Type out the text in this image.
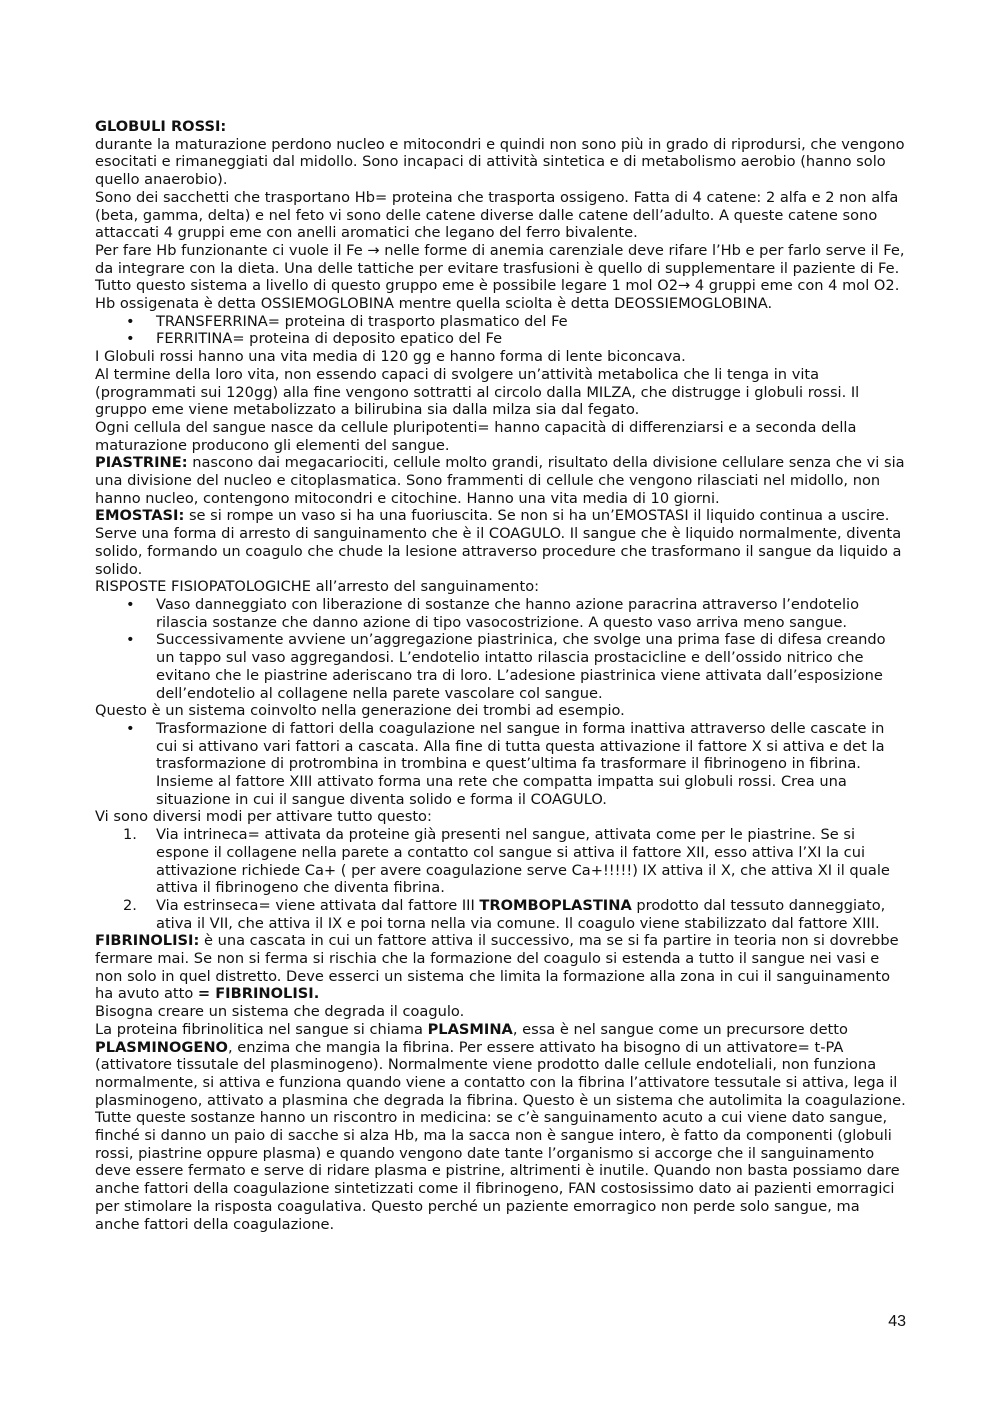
GLOBULI ROSSI:

durante la maturazione perdono nucleo e mitocondri e quindi non sono più in grado di riprodursi, che vengono esocitati e rimaneggiati dal midollo. Sono incapaci di attività sintetica e di metabolismo aerobio (hanno solo quello anaerobio).

Sono dei sacchetti che trasportano Hb= proteina che trasporta ossigeno. Fatta di 4 catene: 2 alfa e 2 non alfa (beta, gamma, delta) e nel feto vi sono delle catene diverse dalle catene dell’adulto. A queste catene sono attaccati 4 gruppi eme con anelli aromatici che legano del ferro bivalente.

Per fare Hb funzionante ci vuole il Fe → nelle forme di anemia carenziale deve rifare l’Hb e per farlo serve il Fe, da integrare con la dieta. Una delle tattiche per evitare trasfusioni è quello di supplementare il paziente di Fe.

Tutto questo sistema a livello di questo gruppo eme è possibile legare 1 mol O2→ 4 gruppi eme con 4 mol O2.

Hb ossigenata è detta OSSIEMOGLOBINA mentre quella sciolta è detta DEOSSIEMOGLOBINA.

• TRANSFERRINA= proteina di trasporto plasmatico del Fe
• FERRITINA= proteina di deposito epatico del Fe

I Globuli rossi hanno una vita media di 120 gg e hanno forma di lente biconcava.

Al termine della loro vita, non essendo capaci di svolgere un’attività metabolica che li tenga in vita (programmati sui 120gg) alla fine vengono sottratti al circolo dalla MILZA, che distrugge i globuli rossi. Il gruppo eme viene metabolizzato a bilirubina sia dalla milza sia dal fegato.

Ogni cellula del sangue nasce da cellule pluripotenti= hanno capacità di differenziarsi e a seconda della maturazione producono gli elementi del sangue.

PIASTRINE: nascono dai megacariociti, cellule molto grandi, risultato della divisione cellulare senza che vi sia una divisione del nucleo e citoplasmatica. Sono frammenti di cellule che vengono rilasciati nel midollo, non hanno nucleo, contengono mitocondri e citochine. Hanno una vita media di 10 giorni.

EMOSTASI: se si rompe un vaso si ha una fuoriuscita. Se non si ha un’EMOSTASI il liquido continua a uscire. Serve una forma di arresto di sanguinamento che è il COAGULO. Il sangue che è liquido normalmente, diventa solido, formando un coagulo che chude la lesione attraverso procedure che trasformano il sangue da liquido a solido.

RISPOSTE FISIOPATOLOGICHE all’arresto del sanguinamento:

• Vaso danneggiato con liberazione di sostanze che hanno azione paracrina attraverso l’endotelio rilascia sostanze che danno azione di tipo vasocostrizione. A questo vaso arriva meno sangue.
• Successivamente avviene un’aggregazione piastrinica, che svolge una prima fase di difesa creando un tappo sul vaso aggregandosi. L’endotelio intatto rilascia prostacicline e dell’ossido nitrico che evitano che le piastrine aderiscano tra di loro. L’adesione piastrinica viene attivata dall’esposizione dell’endotelio al collagene nella parete vascolare col sangue.

Questo è un sistema coinvolto nella generazione dei trombi ad esempio.

• Trasformazione di fattori della coagulazione nel sangue in forma inattiva attraverso delle cascate in cui si attivano vari fattori a cascata. Alla fine di tutta questa attivazione il fattore X si attiva e det la trasformazione di protrombina in trombina e quest’ultima fa trasformare il fibrinogeno in fibrina. Insieme al fattore XIII attivato forma una rete che compatta impatta sui globuli rossi. Crea una situazione in cui il sangue diventa solido e forma il COAGULO.

Vi sono diversi modi per attivare tutto questo:

1. Via intrineca= attivata da proteine già presenti nel sangue, attivata come per le piastrine. Se si espone il collagene nella parete a contatto col sangue si attiva il fattore XII, esso attiva l’XI la cui attivazione richiede Ca+ ( per avere coagulazione serve Ca+!!!!!) IX attiva il X, che attiva XI il quale attiva il fibrinogeno che diventa fibrina.
2. Via estrinseca= viene attivata dal fattore III TROMBOPLASTINA prodotto dal tessuto danneggiato, ativa il VII, che attiva il IX e poi torna nella via comune. Il coagulo viene stabilizzato dal fattore XIII.

FIBRINOLISI: è una cascata in cui un fattore attiva il successivo, ma se si fa partire in teoria non si dovrebbe fermare mai. Se non si ferma si rischia che la formazione del coagulo si estenda a tutto il sangue nei vasi e non solo in quel distretto. Deve esserci un sistema che limita la formazione alla zona in cui il sanguinamento ha avuto atto = FIBRINOLISI.

Bisogna creare un sistema che degrada il coagulo.

La proteina fibrinolitica nel sangue si chiama PLASMINA, essa è nel sangue come un precursore detto PLASMINOGENO, enzima che mangia la fibrina. Per essere attivato ha bisogno di un attivatore= t-PA (attivatore tissutale del plasminogeno). Normalmente viene prodotto dalle cellule endoteliali, non funziona normalmente, si attiva e funziona quando viene a contatto con la fibrina l’attivatore tessutale si attiva, lega il plasminogeno, attivato a plasmina che degrada la fibrina. Questo è un sistema che autolimita la coagulazione.

Tutte queste sostanze hanno un riscontro in medicina: se c’è sanguinamento acuto a cui viene dato sangue, finché si danno un paio di sacche si alza Hb, ma la sacca non è sangue intero, è fatto da componenti (globuli rossi, piastrine oppure plasma) e quando vengono date tante l’organismo si accorge che il sanguinamento deve essere fermato e serve di ridare plasma e pistrine, altrimenti è inutile. Quando non basta possiamo dare anche fattori della coagulazione sintetizzati come il fibrinogeno, FAN costosissimo dato ai pazienti emorragici per stimolare la risposta coagulativa. Questo perché un paziente emorragico non perde solo sangue, ma anche fattori della coagulazione.

43
